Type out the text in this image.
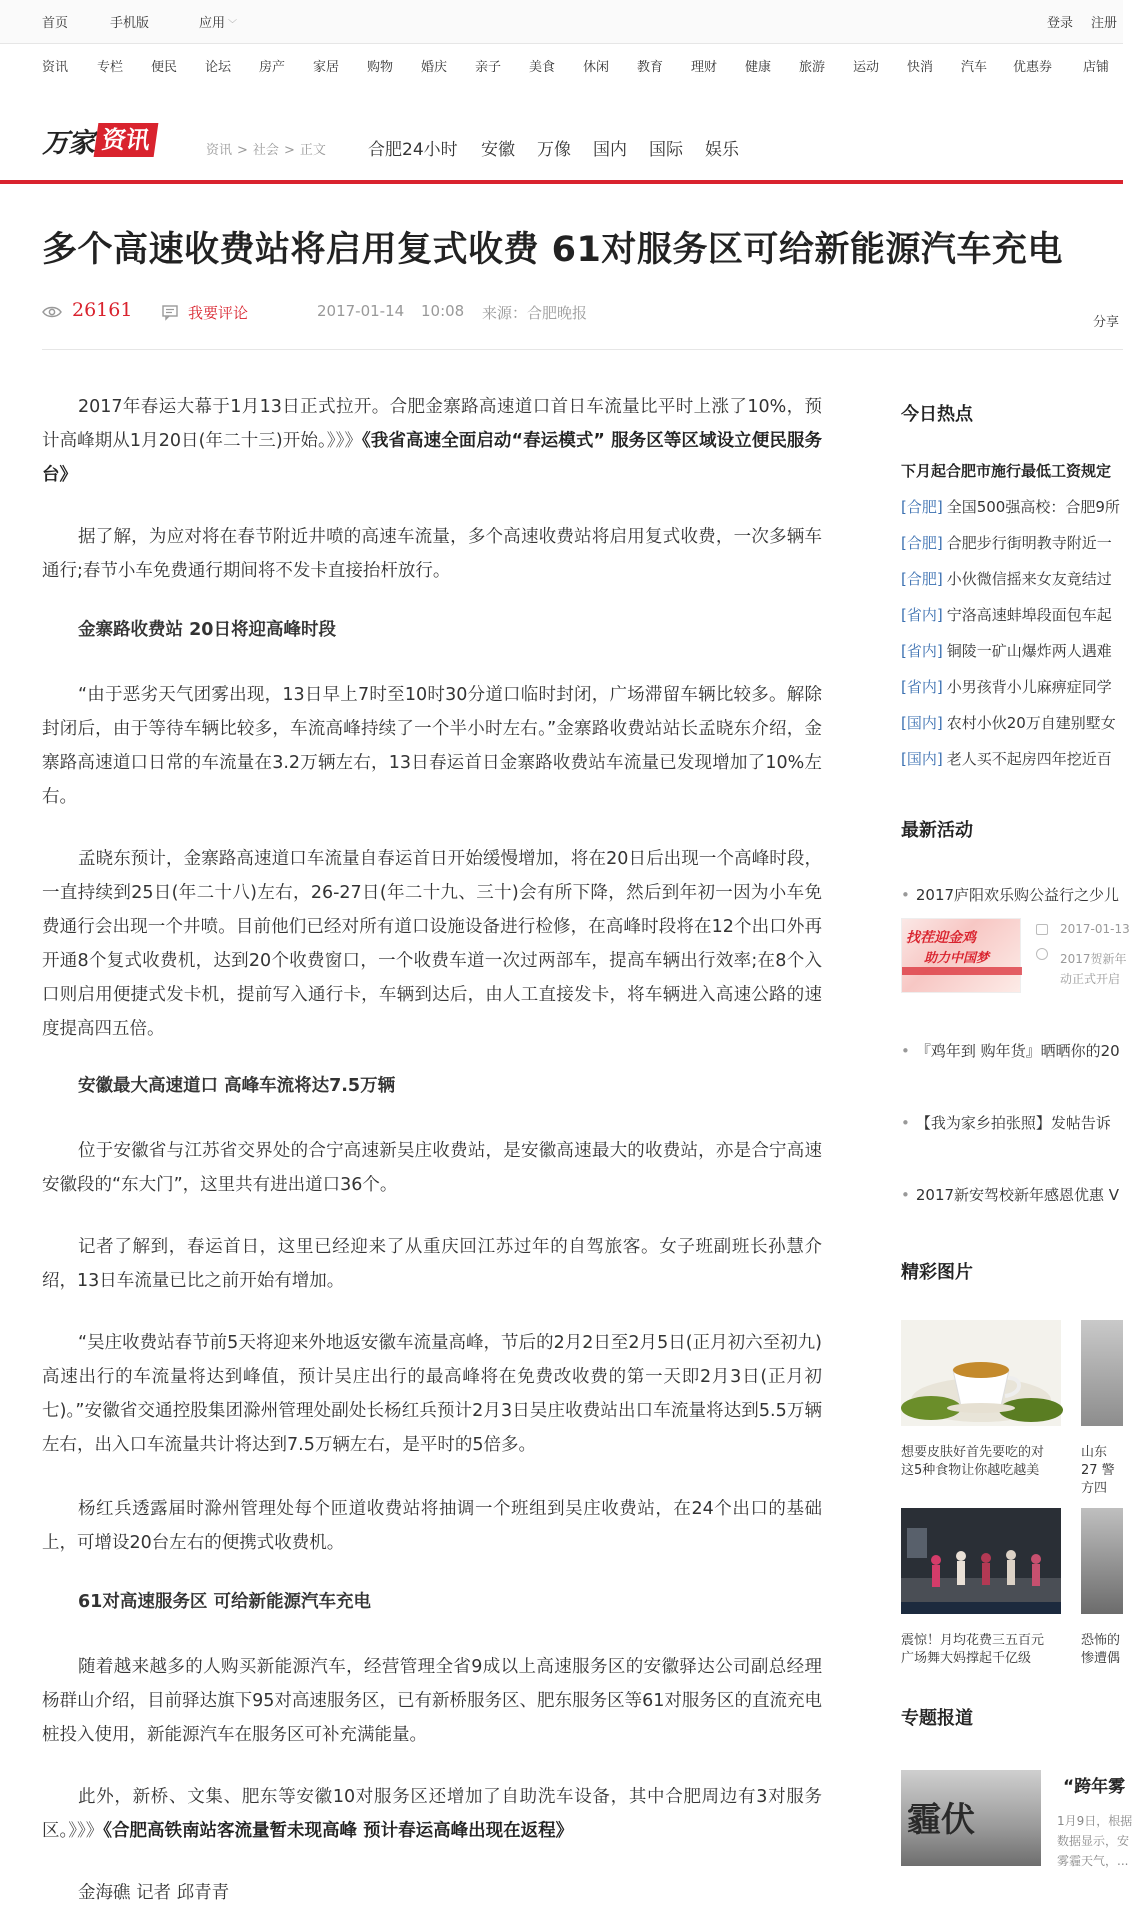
首页	手机版	应用 ﹀	登录 注册
资讯 专栏 便民 论坛 房产 家居 购物 婚庆 亲子 美食 休闲 教育 理财 健康 旅游 运动 快消 汽车 优惠券 店铺
万家 资讯	资讯 > 社会 > 正文 合肥24小时 安徽 万像 国内 国际 娱乐
多个高速收费站将启用复式收费 61对服务区可给新能源汽车充电
26161	我要评论	2017-01-14 10:08 来源：合肥晚报
分享
2017年春运大幕于1月13日正式拉开。合肥金寨路高速道口首日车流量比平时上涨了10%，预计高峰期从1月20日(年二十三)开始。》》》《我省高速全面启动“春运模式” 服务区等区域设立便民服务台》
据了解，为应对将在春节附近井喷的高速车流量，多个高速收费站将启用复式收费，一次多辆车通行;春节小车免费通行期间将不发卡直接抬杆放行。
金寨路收费站 20日将迎高峰时段
“由于恶劣天气团雾出现，13日早上7时至10时30分道口临时封闭，广场滞留车辆比较多。解除封闭后，由于等待车辆比较多，车流高峰持续了一个半小时左右。”金寨路收费站站长孟晓东介绍，金寨路高速道口日常的车流量在3.2万辆左右，13日春运首日金寨路收费站车流量已发现增加了10%左右。
孟晓东预计，金寨路高速道口车流量自春运首日开始缓慢增加，将在20日后出现一个高峰时段，一直持续到25日(年二十八)左右，26-27日(年二十九、三十)会有所下降，然后到年初一因为小车免费通行会出现一个井喷。目前他们已经对所有道口设施设备进行检修，在高峰时段将在12个出口外再开通8个复式收费机，达到20个收费窗口，一个收费车道一次过两部车，提高车辆出行效率;在8个入口则启用便捷式发卡机，提前写入通行卡，车辆到达后，由人工直接发卡，将车辆进入高速公路的速度提高四五倍。
安徽最大高速道口 高峰车流将达7.5万辆
位于安徽省与江苏省交界处的合宁高速新吴庄收费站，是安徽高速最大的收费站，亦是合宁高速安徽段的“东大门”，这里共有进出道口36个。
记者了解到，春运首日，这里已经迎来了从重庆回江苏过年的自驾旅客。女子班副班长孙慧介绍，13日车流量已比之前开始有增加。
“吴庄收费站春节前5天将迎来外地返安徽车流量高峰，节后的2月2日至2月5日(正月初六至初九)高速出行的车流量将达到峰值，预计吴庄出行的最高峰将在免费改收费的第一天即2月3日(正月初七)。”安徽省交通控股集团滁州管理处副处长杨红兵预计2月3日吴庄收费站出口车流量将达到5.5万辆左右，出入口车流量共计将达到7.5万辆左右，是平时的5倍多。
杨红兵透露届时滁州管理处每个匝道收费站将抽调一个班组到吴庄收费站，在24个出口的基础上，可增设20台左右的便携式收费机。
61对高速服务区 可给新能源汽车充电
随着越来越多的人购买新能源汽车，经营管理全省9成以上高速服务区的安徽驿达公司副总经理杨群山介绍，目前驿达旗下95对高速服务区，已有新桥服务区、肥东服务区等61对服务区的直流充电桩投入使用，新能源汽车在服务区可补充满能量。
此外，新桥、文集、肥东等安徽10对服务区还增加了自助洗车设备，其中合肥周边有3对服务区。》》》《合肥高铁南站客流量暂未现高峰 预计春运高峰出现在返程》
金海礁 记者 邱青青
今日热点
下月起合肥市施行最低工资规定
[合肥] 全国500强高校：合肥9所
[合肥] 合肥步行街明教寺附近一
[合肥] 小伙微信摇来女友竟结过
[省内] 宁洛高速蚌埠段面包车起
[省内] 铜陵一矿山爆炸两人遇难
[省内] 小男孩背小儿麻痹症同学
[国内] 农村小伙20万自建别墅女
[国内] 老人买不起房四年挖近百
最新活动
• 2017庐阳欢乐购公益行之少儿
找茬迎金鸡
助力中国梦
2017-01-13
2017贺新年
动正式开启
• 『鸡年到 购年货』晒晒你的20
• 【我为家乡拍张照】发帖告诉
• 2017新安驾校新年感恩优惠 V
精彩图片
想要皮肤好首先要吃的对 这5种食物让你越吃越美
山东27 警方四
震惊！月均花费三五百元 广场舞大妈撑起千亿级
恐怖的 惨遭偶
专题报道
霾伏
“跨年雾
1月9日，根据
数据显示，安
雾霾天气，...
